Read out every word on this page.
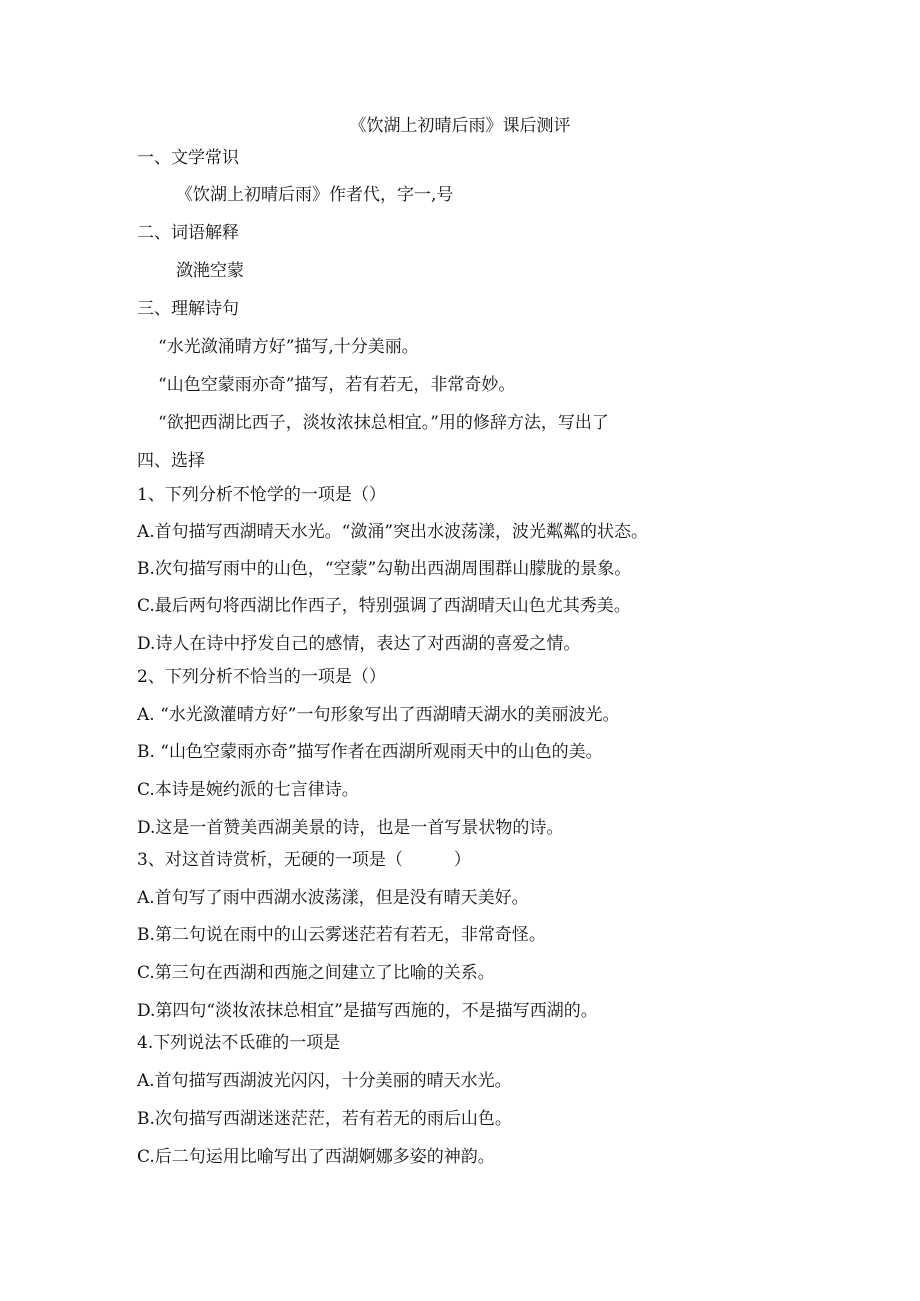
《饮湖上初晴后雨》课后测评
一、文学常识
《饮湖上初晴后雨》作者代，字一,号
二、词语解释
潋滟空蒙
三、理解诗句
“水光潋涌晴方好”描写,十分美丽。
“山色空蒙雨亦奇”描写，若有若无，非常奇妙。
“欲把西湖比西子，淡妆浓抹总相宜。”用的修辞方法，写出了
四、选择
1、下列分析不怆学的一项是（）
A.首句描写西湖晴天水光。“潋涌”突出水波荡漾，波光粼粼的状态。
B.次句描写雨中的山色，“空蒙”勾勒出西湖周围群山朦胧的景象。
C.最后两句将西湖比作西子，特别强调了西湖晴天山色尤其秀美。
D.诗人在诗中抒发自己的感情，表达了对西湖的喜爱之情。
2、下列分析不恰当的一项是（）
A. “水光潋灌晴方好”一句形象写出了西湖晴天湖水的美丽波光。
B. “山色空蒙雨亦奇”描写作者在西湖所观雨天中的山色的美。
C.本诗是婉约派的七言律诗。
D.这是一首赞美西湖美景的诗，也是一首写景状物的诗。
3、对这首诗赏析，无硬的一项是（　　　）
A.首句写了雨中西湖水波荡漾，但是没有晴天美好。
B.第二句说在雨中的山云雾迷茫若有若无，非常奇怪。
C.第三句在西湖和西施之间建立了比喻的关系。
D.第四句“淡妆浓抹总相宜”是描写西施的，不是描写西湖的。
4.下列说法不氐碓的一项是
A.首句描写西湖波光闪闪，十分美丽的晴天水光。
B.次句描写西湖迷迷茫茫，若有若无的雨后山色。
C.后二句运用比喻写出了西湖婀娜多姿的神韵。
